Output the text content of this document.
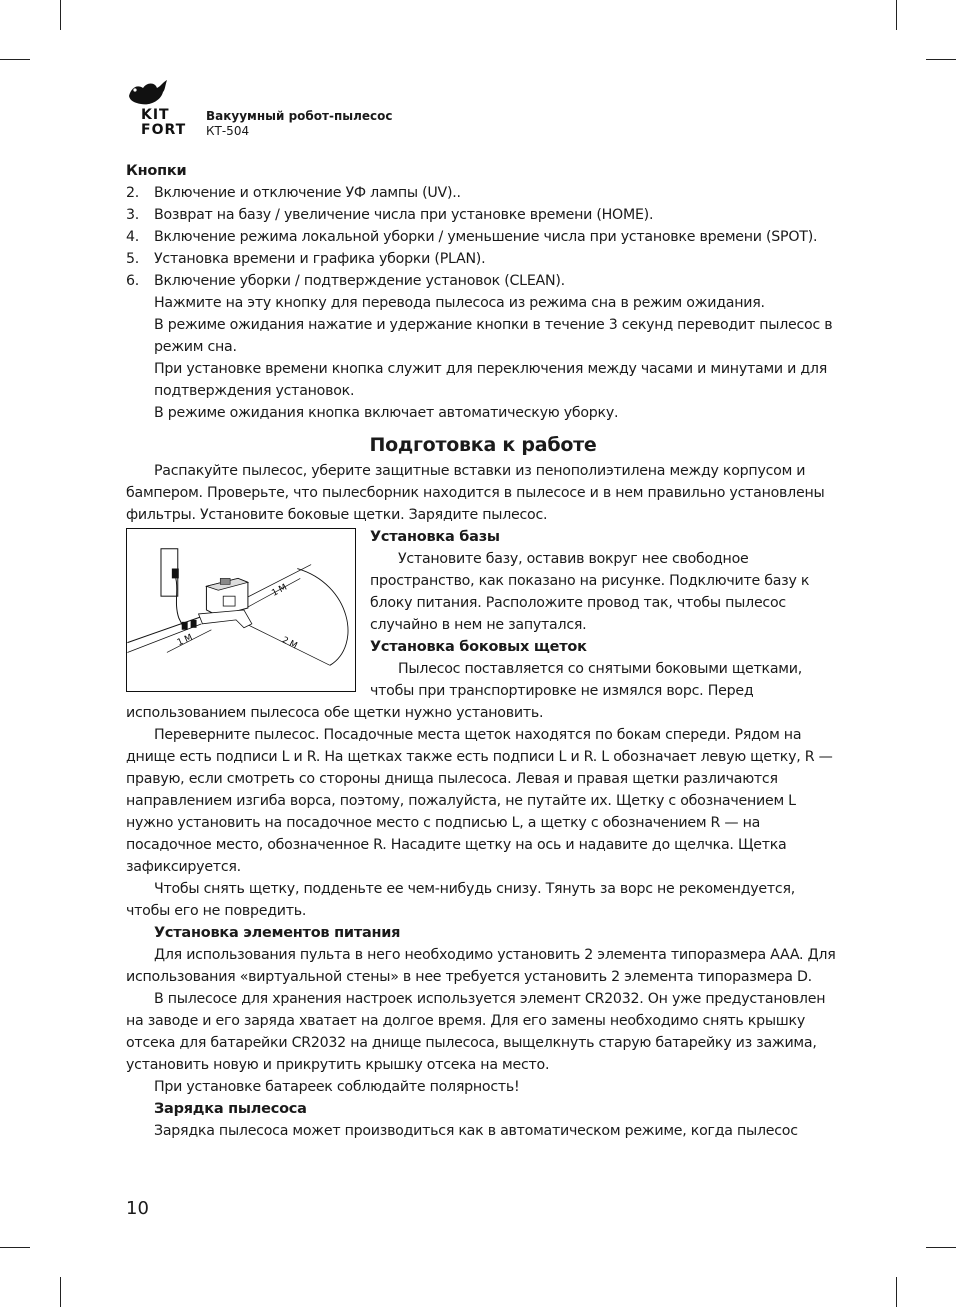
KIT
FORT
Вакуумный робот-пылесос
КТ-504
Кнопки
2.	Включение и отключение УФ лампы (UV)..
3.	Возврат на базу / увеличение числа при установке времени (HOME).
4.	Включение режима локальной уборки / уменьшение числа при установке времени (SPOT).
5.	Установка времени и графика уборки (PLAN).
6.	Включение уборки / подтверждение установок (CLEAN).

Нажмите на эту кнопку для перевода пылесоса из режима сна в режим ожидания.

В режиме ожидания нажатие и удержание кнопки в течение 3 секунд переводит пылесос в режим сна.

При установке времени кнопка служит для переключения между часами и минутами и для подтверждения установок.

В режиме ожидания кнопка включает автоматическую уборку.

Подготовка к работе

Распакуйте пылесос, уберите защитные вставки из пенополиэтилена между корпусом и бампером. Проверьте, что пылесборник находится в пылесосе и в нем правильно установлены фильтры. Установите боковые щетки. Зарядите пылесос.

1 M
1 M	2 M
Установка базы

Установите базу, оставив вокруг нее свободное пространство, как показано на рисунке. Подключите базу к блоку питания. Расположите провод так, чтобы пылесос случайно в нем не запутался.

Установка боковых щеток

Пылесос поставляется со снятыми боковыми щетками, чтобы при транспортировке не измялся ворс. Перед использованием пылесоса обе щетки нужно установить.

Переверните пылесос. Посадочные места щеток находятся по бокам спереди. Рядом на днище есть подписи L и R. На щетках также есть подписи L и R. L обозначает левую щетку, R — правую, если смотреть со стороны днища пылесоса. Левая и правая щетки различаются направлением изгиба ворса, поэтому, пожалуйста, не путайте их. Щетку с обозначением L нужно установить на посадочное место с подписью L, а щетку с обозначением R — на посадочное место, обозначенное R. Насадите щетку на ось и надавите до щелчка. Щетка зафиксируется.

Чтобы снять щетку, подденьте ее чем-нибудь снизу. Тянуть за ворс не рекомендуется, чтобы его не повредить.

Установка элементов питания

Для использования пульта в него необходимо установить 2 элемента типоразмера AAA. Для использования «виртуальной стены» в нее требуется установить 2 элемента типоразмера D.

В пылесосе для хранения настроек используется элемент CR2032. Он уже предустановлен на заводе и его заряда хватает на долгое время. Для его замены необходимо снять крышку отсека для батарейки CR2032 на днище пылесоса, выщелкнуть старую батарейку из зажима, установить новую и прикрутить крышку отсека на место.

При установке батареек соблюдайте полярность!

Зарядка пылесоса

Зарядка пылесоса может производиться как в автоматическом режиме, когда пылесос

10
